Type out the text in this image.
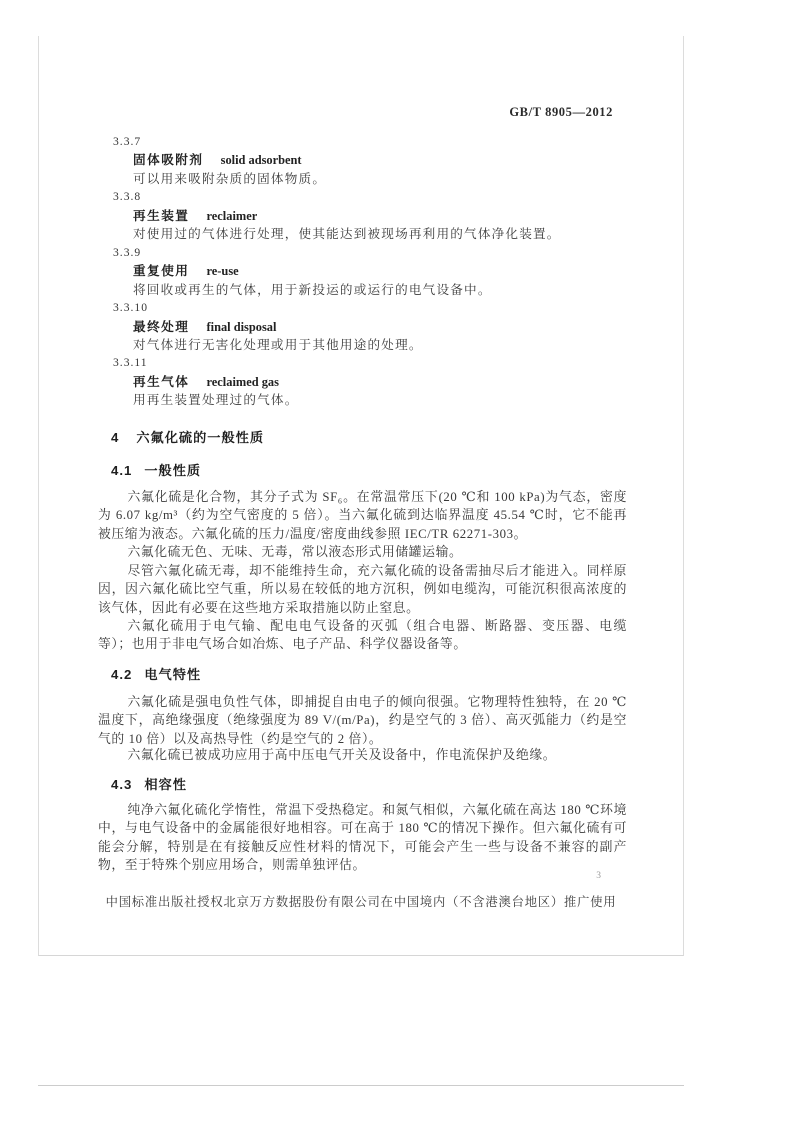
GB/T 8905—2012
3.3.7
固体吸附剂 solid adsorbent
可以用来吸附杂质的固体物质。
3.3.8
再生装置 reclaimer
对使用过的气体进行处理，使其能达到被现场再利用的气体净化装置。
3.3.9
重复使用 re-use
将回收或再生的气体，用于新投运的或运行的电气设备中。
3.3.10
最终处理 final disposal
对气体进行无害化处理或用于其他用途的处理。
3.3.11
再生气体 reclaimed gas
用再生装置处理过的气体。
4 六氟化硫的一般性质
4.1 一般性质

六氟化硫是化合物，其分子式为 SF₆。在常温常压下(20 ℃和 100 kPa)为气态，密度为 6.07 kg/m³（约为空气密度的 5 倍）。当六氟化硫到达临界温度 45.54 ℃时，它不能再被压缩为液态。六氟化硫的压力/温度/密度曲线参照 IEC/TR 62271-303。

六氟化硫无色、无味、无毒，常以液态形式用储罐运输。

尽管六氟化硫无毒，却不能维持生命，充六氟化硫的设备需抽尽后才能进入。同样原因，因六氟化硫比空气重，所以易在较低的地方沉积，例如电缆沟，可能沉积很高浓度的该气体，因此有必要在这些地方采取措施以防止窒息。

六氟化硫用于电气输、配电电气设备的灭弧（组合电器、断路器、变压器、电缆等）；也用于非电气场合如冶炼、电子产品、科学仪器设备等。

4.2 电气特性

六氟化硫是强电负性气体，即捕捉自由电子的倾向很强。它物理特性独特，在 20 ℃温度下，高绝缘强度（绝缘强度为 89 V/(m/Pa)，约是空气的 3 倍）、高灭弧能力（约是空气的 10 倍）以及高热导性（约是空气的 2 倍）。

六氟化硫已被成功应用于高中压电气开关及设备中，作电流保护及绝缘。

4.3 相容性

纯净六氟化硫化学惰性，常温下受热稳定。和氮气相似，六氟化硫在高达 180 ℃环境中，与电气设备中的金属能很好地相容。可在高于 180 ℃的情况下操作。但六氟化硫有可能会分解，特别是在有接触反应性材料的情况下，可能会产生一些与设备不兼容的副产物，至于特殊个别应用场合，则需单独评估。

3
中国标准出版社授权北京万方数据股份有限公司在中国境内（不含港澳台地区）推广使用
